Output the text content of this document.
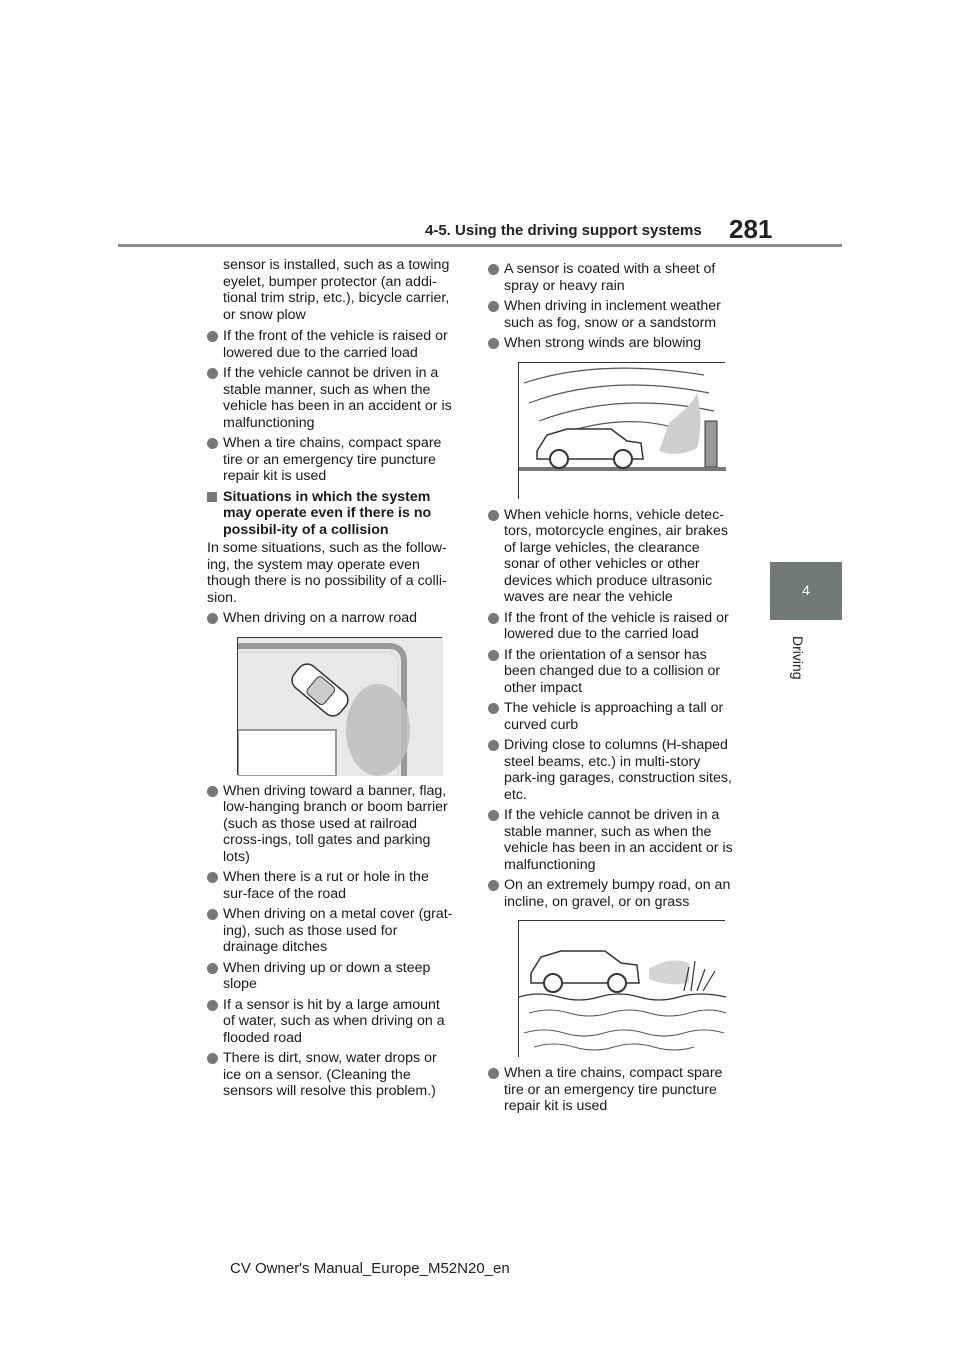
4-5. Using the driving support systems 281
4
Driving
sensor is installed, such as a towing eyelet, bumper protector (an addi-tional trim strip, etc.), bicycle carrier, or snow plow
If the front of the vehicle is raised or lowered due to the carried load
If the vehicle cannot be driven in a stable manner, such as when the vehicle has been in an accident or is malfunctioning
When a tire chains, compact spare tire or an emergency tire puncture repair kit is used
Situations in which the system may operate even if there is no possibil-ity of a collision
In some situations, such as the follow-ing, the system may operate even though there is no possibility of a colli-sion.
When driving on a narrow road
When driving toward a banner, flag, low-hanging branch or boom barrier (such as those used at railroad cross-ings, toll gates and parking lots)
When there is a rut or hole in the sur-face of the road
When driving on a metal cover (grat-ing), such as those used for drainage ditches
When driving up or down a steep slope
If a sensor is hit by a large amount of water, such as when driving on a flooded road
There is dirt, snow, water drops or ice on a sensor. (Cleaning the sensors will resolve this problem.)
A sensor is coated with a sheet of spray or heavy rain
When driving in inclement weather such as fog, snow or a sandstorm
When strong winds are blowing
When vehicle horns, vehicle detec-tors, motorcycle engines, air brakes of large vehicles, the clearance sonar of other vehicles or other devices which produce ultrasonic waves are near the vehicle
If the front of the vehicle is raised or lowered due to the carried load
If the orientation of a sensor has been changed due to a collision or other impact
The vehicle is approaching a tall or curved curb
Driving close to columns (H-shaped steel beams, etc.) in multi-story park-ing garages, construction sites, etc.
If the vehicle cannot be driven in a stable manner, such as when the vehicle has been in an accident or is malfunctioning
On an extremely bumpy road, on an incline, on gravel, or on grass
When a tire chains, compact spare tire or an emergency tire puncture repair kit is used
CV Owner's Manual_Europe_M52N20_en
